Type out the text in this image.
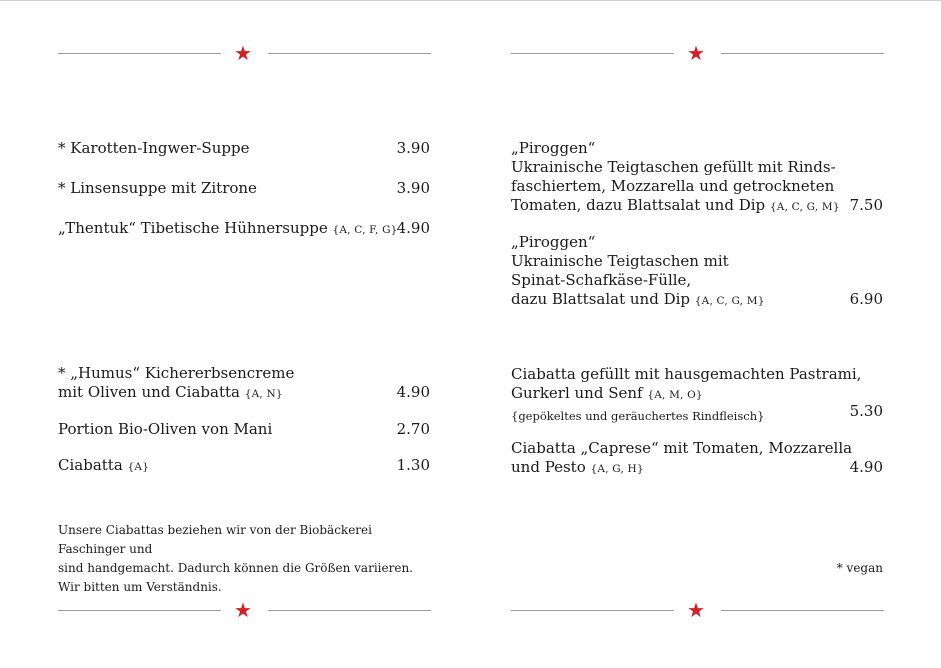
★	★
★	★
* Karotten-Ingwer-Suppe	3.90
* Linsensuppe mit Zitrone	3.90
„Thentuk“ Tibetische Hühnersuppe {A, C, F, G} 4.90
* „Humus“ Kichererbsencreme
mit Oliven und Ciabatta {A, N}	4.90
Portion Bio-Oliven von Mani	2.70
Ciabatta {A}	1.30
Unsere Ciabattas beziehen wir von der Biobäckerei Faschinger und
sind handgemacht. Dadurch können die Größen variieren.
Wir bitten um Verständnis.
„Piroggen“
Ukrainische Teigtaschen gefüllt mit Rinds-
faschiertem, Mozzarella und getrockneten
Tomaten, dazu Blattsalat und Dip {A, C, G, M} 7.50
„Piroggen“
Ukrainische Teigtaschen mit
Spinat-Schafkäse-Fülle,
dazu Blattsalat und Dip {A, C, G, M}	6.90
Ciabatta gefüllt mit hausgemachten Pastrami,
Gurkerl und Senf {A, M, O}
{gepökeltes und geräuchertes Rindfleisch}	5.30
Ciabatta „Caprese“ mit Tomaten, Mozzarella
und Pesto {A, G, H}	4.90
* vegan
